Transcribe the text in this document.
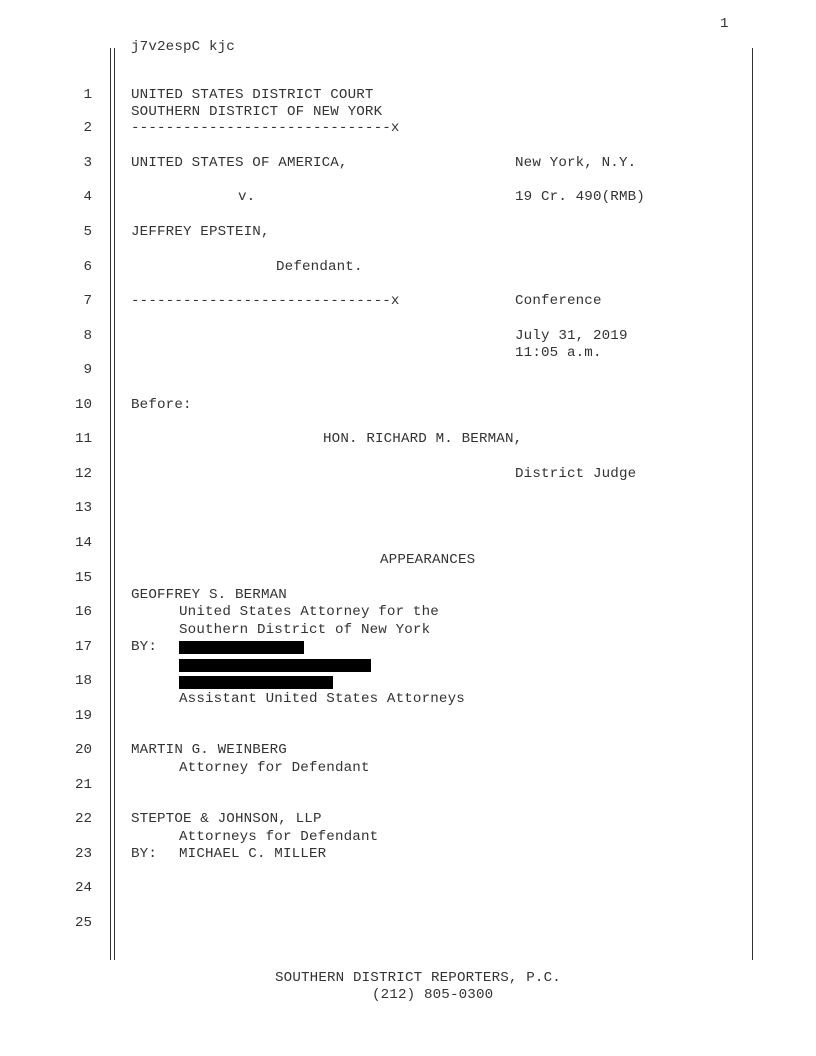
1
j7v2espC kjc
1
2
3
4
5
6
7
8
9
10
11
12
13
14
15
16
17
18
19
20
21
22
23
24
25
UNITED STATES DISTRICT COURT
SOUTHERN DISTRICT OF NEW YORK
------------------------------x
UNITED STATES OF AMERICA,	New York, N.Y.
v.	19 Cr. 490(RMB)
JEFFREY EPSTEIN,
Defendant.
------------------------------x	Conference
July 31, 2019
11:05 a.m.
Before:
HON. RICHARD M. BERMAN,
District Judge
APPEARANCES
GEOFFREY S. BERMAN
United States Attorney for the
Southern District of New York
BY:
Assistant United States Attorneys
MARTIN G. WEINBERG
Attorney for Defendant
STEPTOE & JOHNSON, LLP
Attorneys for Defendant
BY: MICHAEL C. MILLER
SOUTHERN DISTRICT REPORTERS, P.C.
(212) 805-0300
